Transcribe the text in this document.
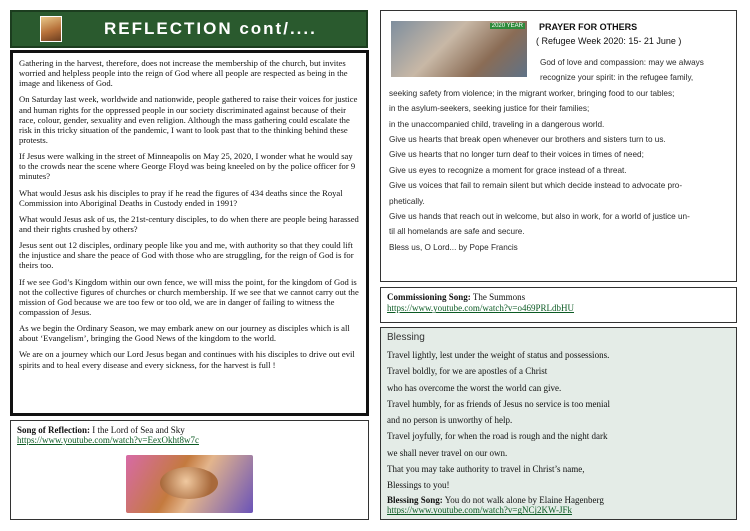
REFLECTION cont/....

Gathering in the harvest, therefore, does not increase the membership of the church, but invites worried and helpless people into the reign of God where all people are respected as being in the image and likeness of God.

On Saturday last week, worldwide and nationwide, people gathered to raise their voices for justice and human rights for the oppressed people in our society discriminated against because of their race, colour, gender, sexuality and even religion. Although the mass gathering could escalate the risk in this tricky situation of the pandemic, I want to look past that to the thinking behind these protests.

If Jesus were walking in the street of Minneapolis on May 25, 2020, I wonder what he would say to the crowds near the scene where George Floyd was being kneeled on by the police officer for 9 minutes?

What would Jesus ask his disciples to pray if he read the figures of 434 deaths since the Royal Commission into Aboriginal Deaths in Custody ended in 1991?

What would Jesus ask of us, the 21st-century disciples, to do when there are people being harassed and their rights crushed by others?

Jesus sent out 12 disciples, ordinary people like you and me, with authority so that they could lift the injustice and share the peace of God with those who are struggling, for the reign of God is for theirs too.

If we see God’s Kingdom within our own fence, we will miss the point, for the kingdom of God is not the collective figures of churches or church membership. If we see that we cannot carry out the mission of God because we are too few or too old, we are in danger of failing to witness the compassion of Jesus.

As we begin the Ordinary Season, we may embark anew on our journey as disciples which is all about ‘Evangelism’, bringing the Good News of the kingdom to the world.

We are on a journey which our Lord Jesus began and continues with his disciples to drive out evil spirits and to heal every disease and every sickness, for the harvest is full !

Song of Reflection: I the Lord of Sea and Sky
https://www.youtube.com/watch?v=EexOkht8w7c
2020 YEAR PRAYER FOR OTHERS
( Refugee Week 2020: 15- 21 June )
God of love and compassion: may we always
recognize your spirit: in the refugee family,
seeking safety from violence; in the migrant worker, bringing food to our tables;
in the asylum-seekers, seeking justice for their families;
in the unaccompanied child, traveling in a dangerous world.
Give us hearts that break open whenever our brothers and sisters turn to us.
Give us hearts that no longer turn deaf to their voices in times of need;
Give us eyes to recognize a moment for grace instead of a threat.
Give us voices that fail to remain silent but which decide instead to advocate pro-
phetically.
Give us hands that reach out in welcome, but also in work, for a world of justice un-
til all homelands are safe and secure.
Bless us, O Lord... by Pope Francis
Commissioning Song: The Summons
https://www.youtube.com/watch?v=o469PRLdbHU
Blessing
Travel lightly, lest under the weight of status and possessions.
Travel boldly, for we are apostles of a Christ
who has overcome the worst the world can give.
Travel humbly, for as friends of Jesus no service is too menial
and no person is unworthy of help.
Travel joyfully, for when the road is rough and the night dark
we shall never travel on our own.
That you may take authority to travel in Christ’s name,
Blessings to you!
Blessing Song: You do not walk alone by Elaine Hagenberg
https://www.youtube.com/watch?v=gNCj2KW-JFk
